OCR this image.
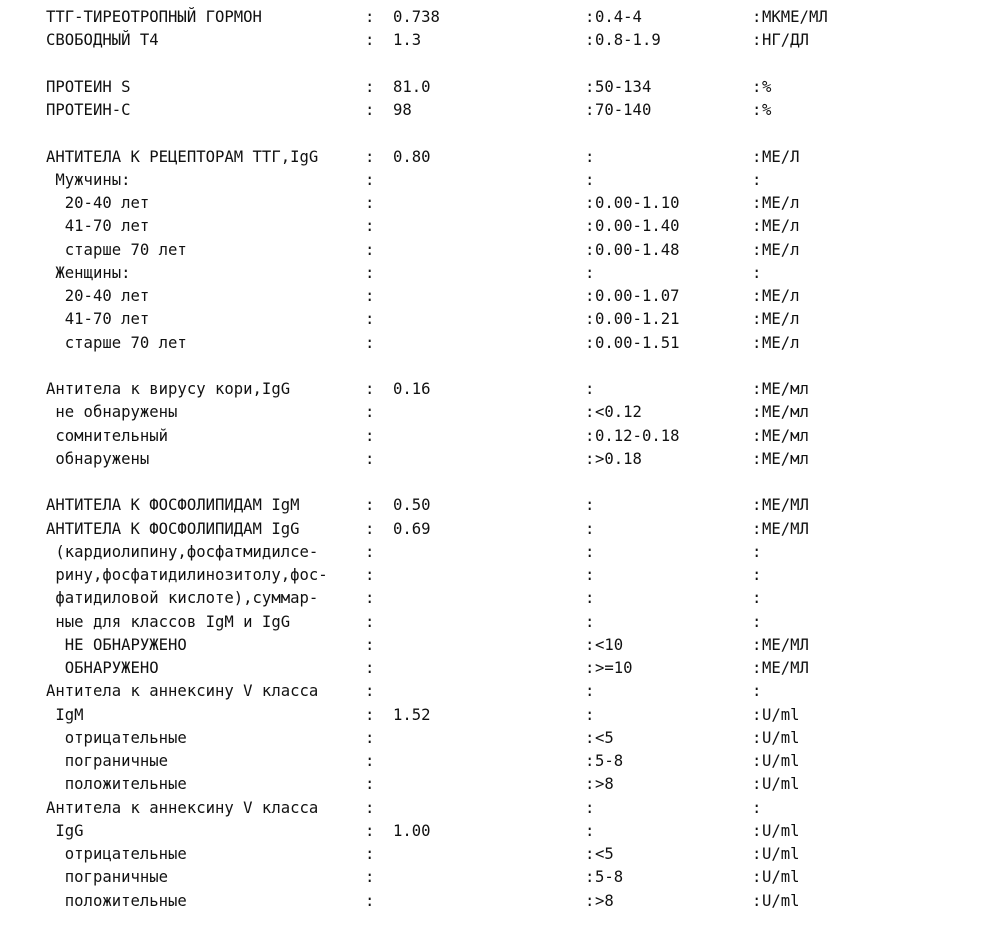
ТТГ-ТИРЕОТРОПНЫЙ ГОРМОН	: 0.738	: 0.4-4	: МКМЕ/МЛ
СВОБОДНЫЙ Т4	: 1.3	: 0.8-1.9	: НГ/ДЛ
ПРОТЕИН S	: 81.0	: 50-134	: %
ПРОТЕИН-С	: 98	: 70-140	: %
АНТИТЕЛА К РЕЦЕПТОРАМ ТТГ,IgG	: 0.80	:	: МЕ/Л
Мужчины:	:	:	:
20-40 лет	:	: 0.00-1.10	: МЕ/л
41-70 лет	:	: 0.00-1.40	: МЕ/л
старше 70 лет	:	: 0.00-1.48	: МЕ/л
Женщины:	:	:	:
20-40 лет	:	: 0.00-1.07	: МЕ/л
41-70 лет	:	: 0.00-1.21	: МЕ/л
старше 70 лет	:	: 0.00-1.51	: МЕ/л
Антитела к вирусу кори,IgG	: 0.16	:	: МЕ/мл
не обнаружены	:	: <0.12	: МЕ/мл
сомнительный	:	: 0.12-0.18	: МЕ/мл
обнаружены	:	: >0.18	: МЕ/мл
АНТИТЕЛА К ФОСФОЛИПИДАМ IgM	: 0.50	:	: МЕ/МЛ
АНТИТЕЛА К ФОСФОЛИПИДАМ IgG	: 0.69	:	: МЕ/МЛ
(кардиолипину,фосфатмидилсе-	:	:	:
рину,фосфатидилинозитолу,фос- :	:	:
фатидиловой кислоте),суммар-	:	:	:
ные для классов IgM и IgG	:	:	:
НЕ ОБНАРУЖЕНО	:	: <10	: МЕ/МЛ
ОБНАРУЖЕНО	:	: >=10	: МЕ/МЛ
Антитела к аннексину V класса	:	:	:
IgM	: 1.52	:	: U/ml
отрицательные	:	: <5	: U/ml
пограничные	:	: 5-8	: U/ml
положительные	:	: >8	: U/ml
Антитела к аннексину V класса	:	:	:
IgG	: 1.00	:	: U/ml
отрицательные	:	: <5	: U/ml
пограничные	:	: 5-8	: U/ml
положительные	:	: >8	: U/ml
